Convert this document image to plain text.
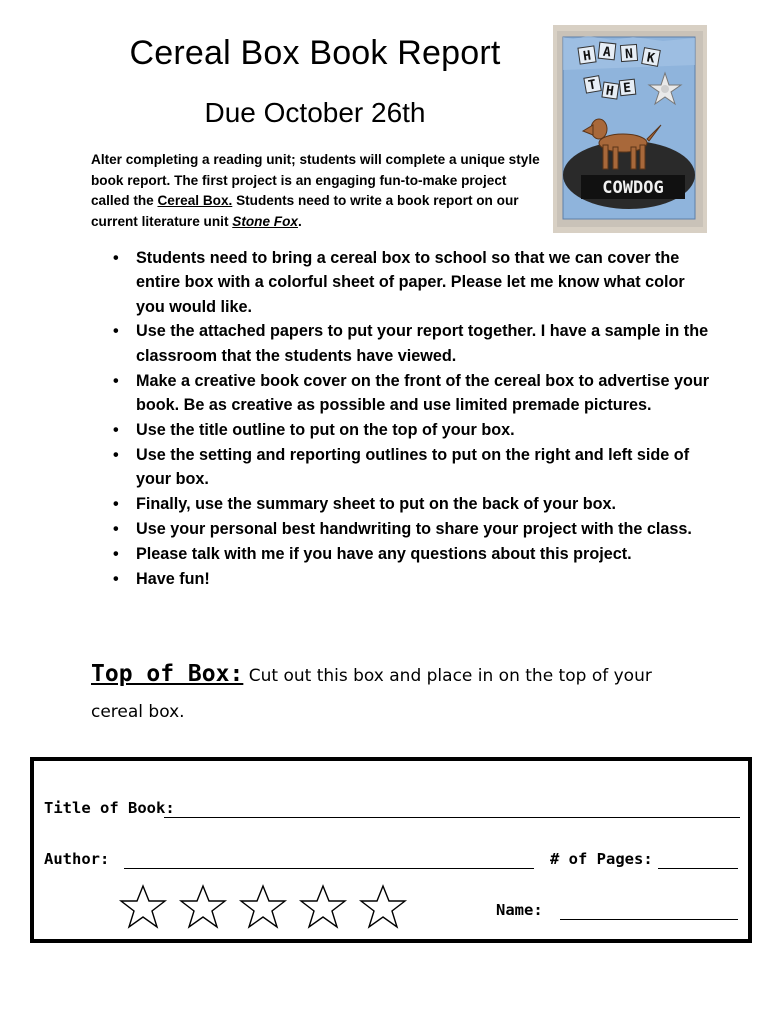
Cereal Box Book Report
Due October 26th
Alter completing a reading unit; students will complete a unique style book report. The first project is an engaging fun-to-make project called the Cereal Box. Students need to write a book report on our current literature unit Stone Fox.
H A N K
T H E
COWDOG
• Students need to bring a cereal box to school so that we can cover the entire box with a colorful sheet of paper. Please let me know what color you would like.
• Use the attached papers to put your report together. I have a sample in the classroom that the students have viewed.
• Make a creative book cover on the front of the cereal box to advertise your book. Be as creative as possible and use limited premade pictures.
• Use the title outline to put on the top of your box.
• Use the setting and reporting outlines to put on the right and left side of your box.
• Finally, use the summary sheet to put on the back of your box.
• Use your personal best handwriting to share your project with the class.
• Please talk with me if you have any questions about this project.
• Have fun!
Top of Box: Cut out this box and place in on the top of your cereal box.
Title of Book:
Author:	# of Pages:
Name:
